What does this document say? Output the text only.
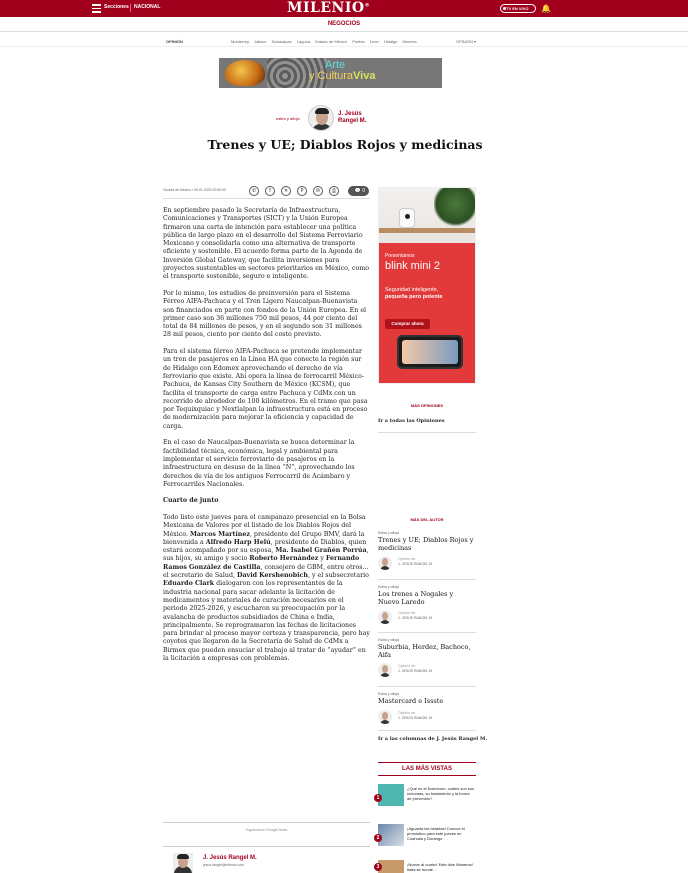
Secciones NACIONAL	MILENIO®
TV EN VIVO	🔔
NEGOCIOS
OPINIÓN	Monterrey Jalisco Tamaulipas Laguna Estado de México Puebla León Hidalgo Morelos	OPINIÓN ▾
Arte
y CulturaViva
estira y afloja
J. Jesús Rangel M.
Trenes y UE; Diablos Rojos y medicinas
Ciudad de México / 06.01.2025 00:00:00	✆	f	✕	P	✉	⎙	💬 0

En septiembre pasado la Secretaría de Infraestructura, Comunicaciones y Transportes (SICT) y la Unión Europea firmaron una carta de intención para establecer una política pública de largo plazo en el desarrollo del Sistema Ferroviario Mexicano y consolidarla como una alternativa de transporte eficiente y sostenible. El acuerdo forma parte de la Agenda de Inversión Global Gateway, que facilita inversiones para proyectos sustentables en sectores prioritarios en México, como el transporte sostenible, seguro e inteligente.

Por lo mismo, los estudios de preinversión para el Sistema Férreo AIFA-Pachuca y el Tren Ligero Naucalpan-Buenavista son financiados en parte con fondos de la Unión Europea. En el primer caso son 36 millones 750 mil pesos, 44 por ciento del total de 84 millones de pesos, y en el segundo son 31 millones 28 mil pesos, ciento por ciento del costo previsto.

Para el sistema férreo AIFA-Pachuca se pretende implementar un tren de pasajeros en la Línea HA que conecte la región sur de Hidalgo con Edomex aprovechando el derecho de vía ferroviario que existe. Ahí opera la línea de ferrocarril México-Pachuca, de Kansas City Southern de México (KCSM), que facilita el transporte de carga entre Pachuca y CdMx con un recorrido de alrededor de 100 kilómetros. En el tramo que pasa por Tequixquiac y Nextlalpan la infraestructura está en proceso de modernización para mejorar la eficiencia y capacidad de carga.

En el caso de Naucalpan-Buenavista se busca determinar la factibilidad técnica, económica, legal y ambiental para implementar el servicio ferroviario de pasajeros en la infraestructura en desuso de la línea “N”, aprovechando los derechos de vía de los antiguos Ferrocarril de Acámbaro y Ferrocarriles Nacionales.

Cuarto de junto

Todo listo este jueves para el campanazo presencial en la Bolsa Mexicana de Valores por el listado de los Diablos Rojos del México. Marcos Martínez, presidente del Grupo BMV, dará la bienvenida a Alfredo Harp Helú, presidente de Diablos, quien estará acompañado por su esposa, Ma. Isabel Grañén Porrúa, sus hijos, su amigo y socio Roberto Hernández y Fernando Ramos González de Castilla, consejero de GBM, entre otros... el secretario de Salud, David Kershenobich, y el subsecretario Eduardo Clark dialogaron con los representantes de la industria nacional para sacar adelante la licitación de medicamentos y materiales de curación necesarios en el periodo 2025-2026, y escucharon su preocupación por la avalancha de productos subsidiados de China e India, principalmente. Se reprogramaron las fechas de licitaciones para brindar al proceso mayor certeza y transparencia, pero hay coyotes que llegaron de la Secretaría de Salud de CdMx a Birmex que pueden ensuciar el trabajo al tratar de “ayudar” en la licitación a empresas con problemas.

Síguenos en Google News
J. Jesús Rangel M.
jesus.rangel@milenio.com
Presentamos
blink mini 2
Seguridad inteligente,
pequeña pero potente
Comprar ahora
MÁS OPINIONES
Ir a todas las Opiniones
MÁS DEL AUTOR
Estira y afloja
Trenes y UE; Diablos Rojos y medicinas
Opinión de:
J. JESÚS RANGEL M.
Estira y afloja
Los trenes a Nogales y Nuevo Laredo
Opinión de:
J. JESÚS RANGEL M.
Estira y afloja
Suburbia, Herdez, Bachoco, Aifa
Opinión de:
J. JESÚS RANGEL M.
Estira y afloja
Mastercard e Issste
Opinión de:
J. JESÚS RANGEL M.
Ir a las columnas de J. Jesús Rangel M.
LAS MÁS VISTAS
1
¿Qué es el Nuevivum, cuáles son sus síntomas, su tratamiento y la forma de prevenirlo?
2
¡Aguanta las heladas! Conoce el pronóstico para este jueves en Coahuila y Durango
3	¡Nueve al cuatro! Este dice Maneros! Italia se hunde…
